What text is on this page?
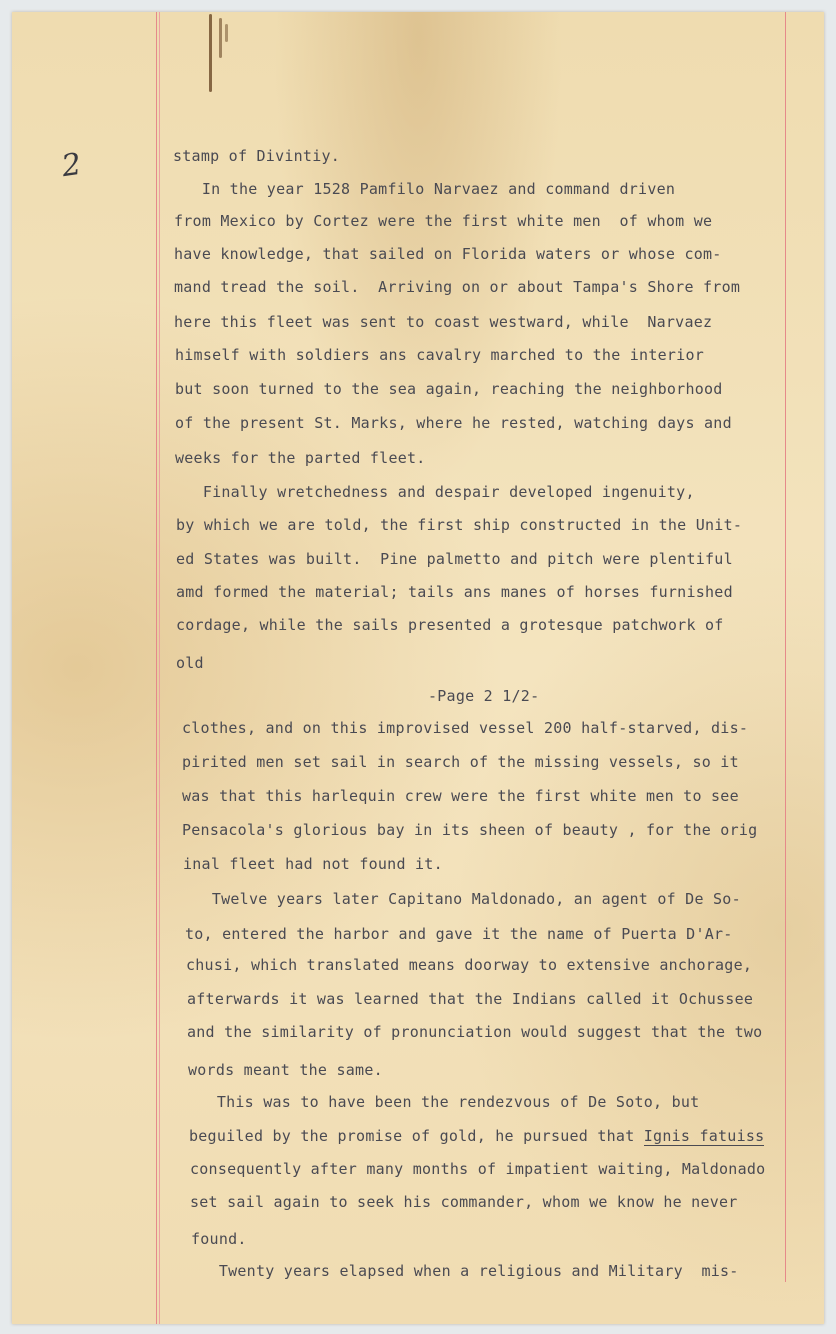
2

	stamp of Divintiy.

In the year 1528 Pamfilo Narvaez and command driven

from Mexico by Cortez were the first white men  of whom we

have knowledge, that sailed on Florida waters or whose com-

mand tread the soil.  Arriving on or about Tampa's Shore from

here this fleet was sent to coast westward, while  Narvaez

himself with soldiers ans cavalry marched to the interior

but soon turned to the sea again, reaching the neighborhood

of the present St. Marks, where he rested, watching days and

weeks for the parted fleet.

Finally wretchedness and despair developed ingenuity,

by which we are told, the first ship constructed in the Unit-

ed States was built.  Pine palmetto and pitch were plentiful

amd formed the material; tails ans manes of horses furnished

cordage, while the sails presented a grotesque patchwork of

old

-Page 2 1/2-

clothes, and on this improvised vessel 200 half-starved, dis-

pirited men set sail in search of the missing vessels, so it

was that this harlequin crew were the first white men to see

Pensacola's glorious bay in its sheen of beauty , for the orig

inal fleet had not found it.

Twelve years later Capitano Maldonado, an agent of De So-

to, entered the harbor and gave it the name of Puerta D'Ar-

chusi, which translated means doorway to extensive anchorage,

afterwards it was learned that the Indians called it Ochussee

and the similarity of pronunciation would suggest that the two

words meant the same.

This was to have been the rendezvous of De Soto, but

beguiled by the promise of gold, he pursued that Ignis fatuiss

consequently after many months of impatient waiting, Maldonado

set sail again to seek his commander, whom we know he never

found.

Twenty years elapsed when a religious and Military  mis-
